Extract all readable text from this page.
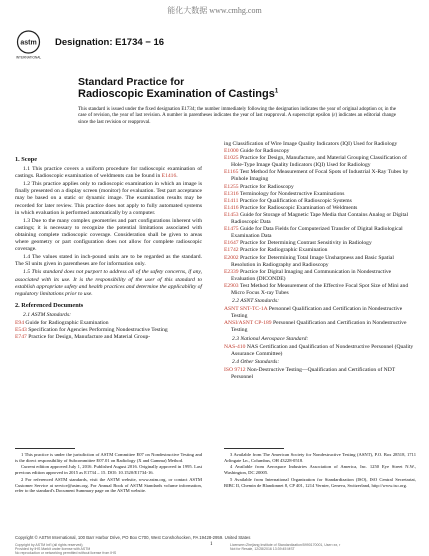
能化大数据 www.cmhg.com
astm
INTERNATIONAL
Designation: E1734 − 16
Standard Practice for
Radioscopic Examination of Castings$^1$
This standard is issued under the fixed designation E1734; the number immediately following the designation indicates the year of original adoption or, in the case of revision, the year of last revision. A number in parentheses indicates the year of last reapproval. A superscript epsilon (ε) indicates an editorial change since the last revision or reapproval.
1. Scope
1.1 This practice covers a uniform procedure for radioscopic examination of castings. Radioscopic examination of weldments can be found in E1416.
1.2 This practice applies only to radioscopic examination in which an image is finally presented on a display screen (monitor) for evaluation. Test part acceptance may be based on a static or dynamic image. The examination results may be recorded for later review. This practice does not apply to fully automated systems in which evaluation is performed automatically by a computer.
1.3 Due to the many complex geometries and part configurations inherent with castings; it is necessary to recognize the potential limitations associated with obtaining complete radioscopic coverage. Consideration shall be given to areas where geometry or part configuration does not allow for complete radioscopic coverage.
1.4 The values stated in inch-pound units are to be regarded as the standard. The SI units given in parentheses are for information only.
1.5 This standard does not purport to address all of the safety concerns, if any, associated with its use. It is the responsibility of the user of this standard to establish appropriate safety and health practices and determine the applicability of regulatory limitations prior to use.
2. Referenced Documents
2.1 ASTM Standards:
E94 Guide for Radiographic Examination
E543 Specification for Agencies Performing Nondestructive Testing
E747 Practice for Design, Manufacture and Material Group-
ing Classification of Wire Image Quality Indicators (IQI) Used for Radiology
E1000 Guide for Radioscopy
E1025 Practice for Design, Manufacture, and Material Grouping Classification of Hole-Type Image Quality Indicators (IQI) Used for Radiology
E1165 Test Method for Measurement of Focal Spots of Industrial X-Ray Tubes by Pinhole Imaging
E1255 Practice for Radioscopy
E1316 Terminology for Nondestructive Examinations
E1411 Practice for Qualification of Radioscopic Systems
E1416 Practice for Radioscopic Examination of Weldments
E1453 Guide for Storage of Magnetic Tape Media that Contains Analog or Digital Radioscopic Data
E1475 Guide for Data Fields for Computerized Transfer of Digital Radiological Examination Data
E1647 Practice for Determining Contrast Sensitivity in Radiology
E1742 Practice for Radiographic Examination
E2002 Practice for Determining Total Image Unsharpness and Basic Spatial Resolution in Radiography and Radioscopy
E2339 Practice for Digital Imaging and Communication in Nondestructive Evaluation (DICONDE)
E2903 Test Method for Measurement of the Effective Focal Spot Size of Mini and Micro Focus X-ray Tubes
2.2 ASNT Standards:
ASNT SNT-TC-1A Personnel Qualification and Certification in Nondestructive Testing
ANSI/ASNT CP-189 Personnel Qualification and Certification in Nondestructive Testing
2.3 National Aerospace Standard:
NAS-410 NAS Certification and Qualification of Nondestructive Personnel (Quality Assurance Committee)
2.4 Other Standards:
ISO 9712 Non-Destructive Testing—Qualification and Certification of NDT Personnel
1 This practice is under the jurisdiction of ASTM Committee E07 on Nondestructive Testing and is the direct responsibility of Subcommittee E07.01 on Radiology (X and Gamma) Method.
Current edition approved July 1, 2016. Published August 2016. Originally approved in 1995. Last previous edition approved in 2015 as E1734 – 15. DOI: 10.1520/E1734-16.
2 For referenced ASTM standards, visit the ASTM website, www.astm.org, or contact ASTM Customer Service at service@astm.org. For Annual Book of ASTM Standards volume information, refer to the standard's Document Summary page on the ASTM website.
3 Available from The American Society for Nondestructive Testing (ASNT), P.O. Box 28518, 1711 Arlingate Ln., Columbus, OH 43228-0518.
4 Available from Aerospace Industries Association of America, Inc. 1250 Eye Street N.W., Washington, DC 20005.
5 Available from International Organization for Standardization (ISO), ISO Central Secretariat, BIBC II, Chemin de Blandonnet 8, CP 401, 1214 Vernier, Geneva, Switzerland, http://www.iso.org.
Copyright © ASTM International, 100 Barr Harbor Drive, PO Box C700, West Conshohocken, PA 19428-2959. United States
Copyright by ASTM Int'l (all rights reserved);
Provided by IHS Markit under license with ASTM
No reproduction or networking permitted without license from IHS
1	Licensee=Zhejiang Institute of Standardization/5990170001, User=xx, r
Not for Resale, 12/28/2016 13:39:45 MST
